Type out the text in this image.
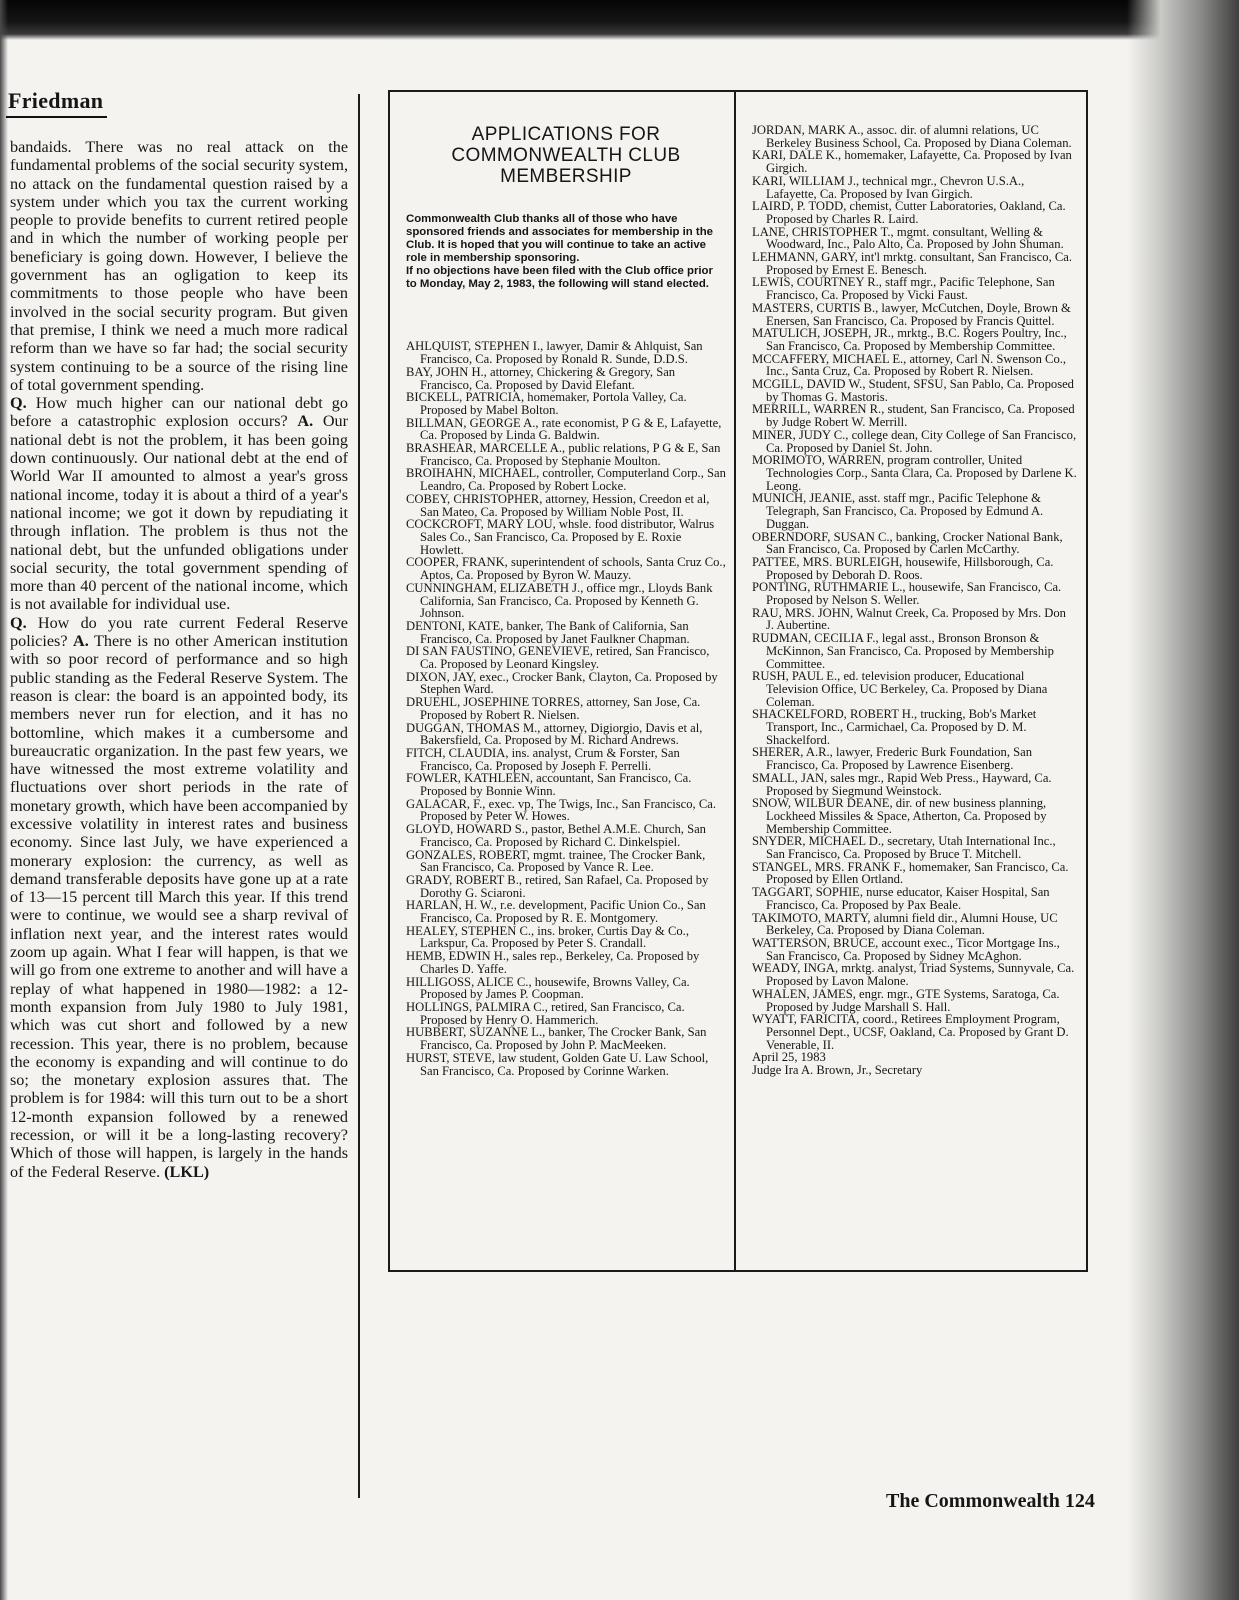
Friedman

bandaids. There was no real attack on the fundamental problems of the social security system, no attack on the fundamental question raised by a system under which you tax the current working people to provide benefits to current retired people and in which the number of working people per beneficiary is going down. However, I believe the government has an ogligation to keep its commitments to those people who have been involved in the social security program. But given that premise, I think we need a much more radical reform than we have so far had; the social security system continuing to be a source of the rising line of total government spending.

Q. How much higher can our national debt go before a catastrophic explosion occurs? A. Our national debt is not the problem, it has been going down continuously. Our national debt at the end of World War II amounted to almost a year's gross national income, today it is about a third of a year's national income; we got it down by repudiating it through inflation. The problem is thus not the national debt, but the unfunded obligations under social security, the total government spending of more than 40 percent of the national income, which is not available for individual use.

Q. How do you rate current Federal Reserve policies? A. There is no other American institution with so poor record of performance and so high public standing as the Federal Reserve System. The reason is clear: the board is an appointed body, its members never run for election, and it has no bottomline, which makes it a cumbersome and bureaucratic organization. In the past few years, we have witnessed the most extreme volatility and fluctuations over short periods in the rate of monetary growth, which have been accompanied by excessive volatility in interest rates and business economy. Since last July, we have experienced a monerary explosion: the currency, as well as demand transferable deposits have gone up at a rate of 13—15 percent till March this year. If this trend were to continue, we would see a sharp revival of inflation next year, and the interest rates would zoom up again. What I fear will happen, is that we will go from one extreme to another and will have a replay of what happened in 1980—1982: a 12-month expansion from July 1980 to July 1981, which was cut short and followed by a new recession. This year, there is no problem, because the economy is expanding and will continue to do so; the monetary explosion assures that. The problem is for 1984: will this turn out to be a short 12-month expansion followed by a renewed recession, or will it be a long-lasting recovery? Which of those will happen, is largely in the hands of the Federal Reserve. (LKL)

APPLICATIONS FOR
COMMONWEALTH CLUB
MEMBERSHIP

Commonwealth Club thanks all of those who have sponsored friends and associates for membership in the Club. It is hoped that you will continue to take an active role in membership sponsoring.

If no objections have been filed with the Club office prior to Monday, May 2, 1983, the following will stand elected.

AHLQUIST, STEPHEN I., lawyer, Damir & Ahlquist, San Francisco, Ca. Proposed by Ronald R. Sunde, D.D.S.
BAY, JOHN H., attorney, Chickering & Gregory, San Francisco, Ca. Proposed by David Elefant.
BICKELL, PATRICIA, homemaker, Portola Valley, Ca. Proposed by Mabel Bolton.
BILLMAN, GEORGE A., rate economist, P G & E, Lafayette, Ca. Proposed by Linda G. Baldwin.
BRASHEAR, MARCELLE A., public relations, P G & E, San Francisco, Ca. Proposed by Stephanie Moulton.
BROIHAHN, MICHAEL, controller, Computerland Corp., San Leandro, Ca. Proposed by Robert Locke.
COBEY, CHRISTOPHER, attorney, Hession, Creedon et al, San Mateo, Ca. Proposed by William Noble Post, II.
COCKCROFT, MARY LOU, whsle. food distributor, Walrus Sales Co., San Francisco, Ca. Proposed by E. Roxie Howlett.
COOPER, FRANK, superintendent of schools, Santa Cruz Co., Aptos, Ca. Proposed by Byron W. Mauzy.
CUNNINGHAM, ELIZABETH J., office mgr., Lloyds Bank California, San Francisco, Ca. Proposed by Kenneth G. Johnson.
DENTONI, KATE, banker, The Bank of California, San Francisco, Ca. Proposed by Janet Faulkner Chapman.
DI SAN FAUSTINO, GENEVIEVE, retired, San Francisco, Ca. Proposed by Leonard Kingsley.
DIXON, JAY, exec., Crocker Bank, Clayton, Ca. Proposed by Stephen Ward.
DRUEHL, JOSEPHINE TORRES, attorney, San Jose, Ca. Proposed by Robert R. Nielsen.
DUGGAN, THOMAS M., attorney, Digiorgio, Davis et al, Bakersfield, Ca. Proposed by M. Richard Andrews.
FITCH, CLAUDIA, ins. analyst, Crum & Forster, San Francisco, Ca. Proposed by Joseph F. Perrelli.
FOWLER, KATHLEEN, accountant, San Francisco, Ca. Proposed by Bonnie Winn.
GALACAR, F., exec. vp, The Twigs, Inc., San Francisco, Ca. Proposed by Peter W. Howes.
GLOYD, HOWARD S., pastor, Bethel A.M.E. Church, San Francisco, Ca. Proposed by Richard C. Dinkelspiel.
GONZALES, ROBERT, mgmt. trainee, The Crocker Bank, San Francisco, Ca. Proposed by Vance R. Lee.
GRADY, ROBERT B., retired, San Rafael, Ca. Proposed by Dorothy G. Sciaroni.
HARLAN, H. W., r.e. development, Pacific Union Co., San Francisco, Ca. Proposed by R. E. Montgomery.
HEALEY, STEPHEN C., ins. broker, Curtis Day & Co., Larkspur, Ca. Proposed by Peter S. Crandall.
HEMB, EDWIN H., sales rep., Berkeley, Ca. Proposed by Charles D. Yaffe.
HILLIGOSS, ALICE C., housewife, Browns Valley, Ca. Proposed by James P. Coopman.
HOLLINGS, PALMIRA C., retired, San Francisco, Ca. Proposed by Henry O. Hammerich.
HUBBERT, SUZANNE L., banker, The Crocker Bank, San Francisco, Ca. Proposed by John P. MacMeeken.
HURST, STEVE, law student, Golden Gate U. Law School, San Francisco, Ca. Proposed by Corinne Warken.
JORDAN, MARK A., assoc. dir. of alumni relations, UC Berkeley Business School, Ca. Proposed by Diana Coleman.
KARI, DALE K., homemaker, Lafayette, Ca. Proposed by Ivan Girgich.
KARI, WILLIAM J., technical mgr., Chevron U.S.A., Lafayette, Ca. Proposed by Ivan Girgich.
LAIRD, P. TODD, chemist, Cutter Laboratories, Oakland, Ca. Proposed by Charles R. Laird.
LANE, CHRISTOPHER T., mgmt. consultant, Welling & Woodward, Inc., Palo Alto, Ca. Proposed by John Shuman.
LEHMANN, GARY, int'l mrktg. consultant, San Francisco, Ca. Proposed by Ernest E. Benesch.
LEWIS, COURTNEY R., staff mgr., Pacific Telephone, San Francisco, Ca. Proposed by Vicki Faust.
MASTERS, CURTIS B., lawyer, McCutchen, Doyle, Brown & Enersen, San Francisco, Ca. Proposed by Francis Quittel.
MATULICH, JOSEPH, JR., mrktg., B.C. Rogers Poultry, Inc., San Francisco, Ca. Proposed by Membership Committee.
MCCAFFERY, MICHAEL E., attorney, Carl N. Swenson Co., Inc., Santa Cruz, Ca. Proposed by Robert R. Nielsen.
MCGILL, DAVID W., Student, SFSU, San Pablo, Ca. Proposed by Thomas G. Mastoris.
MERRILL, WARREN R., student, San Francisco, Ca. Proposed by Judge Robert W. Merrill.
MINER, JUDY C., college dean, City College of San Francisco, Ca. Proposed by Daniel St. John.
MORIMOTO, WARREN, program controller, United Technologies Corp., Santa Clara, Ca. Proposed by Darlene K. Leong.
MUNICH, JEANIE, asst. staff mgr., Pacific Telephone & Telegraph, San Francisco, Ca. Proposed by Edmund A. Duggan.
OBERNDORF, SUSAN C., banking, Crocker National Bank, San Francisco, Ca. Proposed by Carlen McCarthy.
PATTEE, MRS. BURLEIGH, housewife, Hillsborough, Ca. Proposed by Deborah D. Roos.
PONTING, RUTHMARIE L., housewife, San Francisco, Ca. Proposed by Nelson S. Weller.
RAU, MRS. JOHN, Walnut Creek, Ca. Proposed by Mrs. Don J. Aubertine.
RUDMAN, CECILIA F., legal asst., Bronson Bronson & McKinnon, San Francisco, Ca. Proposed by Membership Committee.
RUSH, PAUL E., ed. television producer, Educational Television Office, UC Berkeley, Ca. Proposed by Diana Coleman.
SHACKELFORD, ROBERT H., trucking, Bob's Market Transport, Inc., Carmichael, Ca. Proposed by D. M. Shackelford.
SHERER, A.R., lawyer, Frederic Burk Foundation, San Francisco, Ca. Proposed by Lawrence Eisenberg.
SMALL, JAN, sales mgr., Rapid Web Press., Hayward, Ca. Proposed by Siegmund Weinstock.
SNOW, WILBUR DEANE, dir. of new business planning, Lockheed Missiles & Space, Atherton, Ca. Proposed by Membership Committee.
SNYDER, MICHAEL D., secretary, Utah International Inc., San Francisco, Ca. Proposed by Bruce T. Mitchell.
STANGEL, MRS. FRANK F., homemaker, San Francisco, Ca. Proposed by Ellen Ortland.
TAGGART, SOPHIE, nurse educator, Kaiser Hospital, San Francisco, Ca. Proposed by Pax Beale.
TAKIMOTO, MARTY, alumni field dir., Alumni House, UC Berkeley, Ca. Proposed by Diana Coleman.
WATTERSON, BRUCE, account exec., Ticor Mortgage Ins., San Francisco, Ca. Proposed by Sidney McAghon.
WEADY, INGA, mrktg. analyst, Triad Systems, Sunnyvale, Ca. Proposed by Lavon Malone.
WHALEN, JAMES, engr. mgr., GTE Systems, Saratoga, Ca. Proposed by Judge Marshall S. Hall.
WYATT, FARICITA, coord., Retirees Employment Program, Personnel Dept., UCSF, Oakland, Ca. Proposed by Grant D. Venerable, II.
April 25, 1983
Judge Ira A. Brown, Jr., Secretary

The Commonwealth 124
